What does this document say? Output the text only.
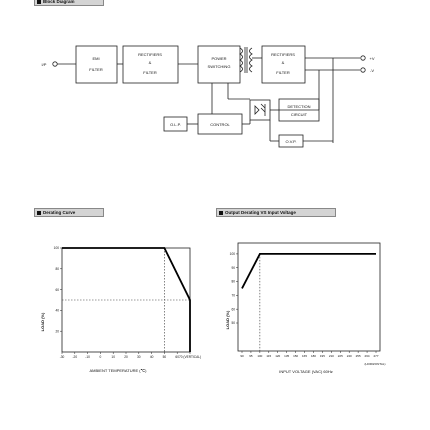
Block Diagram
Derating Curve	Output Derating VS Input Voltage
I/P
EMI
FILTER
RECTIFIERS
&
FILTER
POWER
SWITCHING
RECTIFIERS
&
FILTER
+V
-V
DETECTION
CIRCUIT
O.L.P.	CONTROL
O.V.P.
-30	-20	-10	0	10	20	30	40	50	60 70 (VERTICAL)
20
40
60
80
100
LOAD (%)
AMBIENT TEMPERATURE (℃)
90 95 100 115 120 135 150 165 180 195 210 225 240 255 264 277
50
60
70
80
90
100
LOAD (%)
(HORIZONTAL)
INPUT VOLTAGE (VAC) 60Hz
